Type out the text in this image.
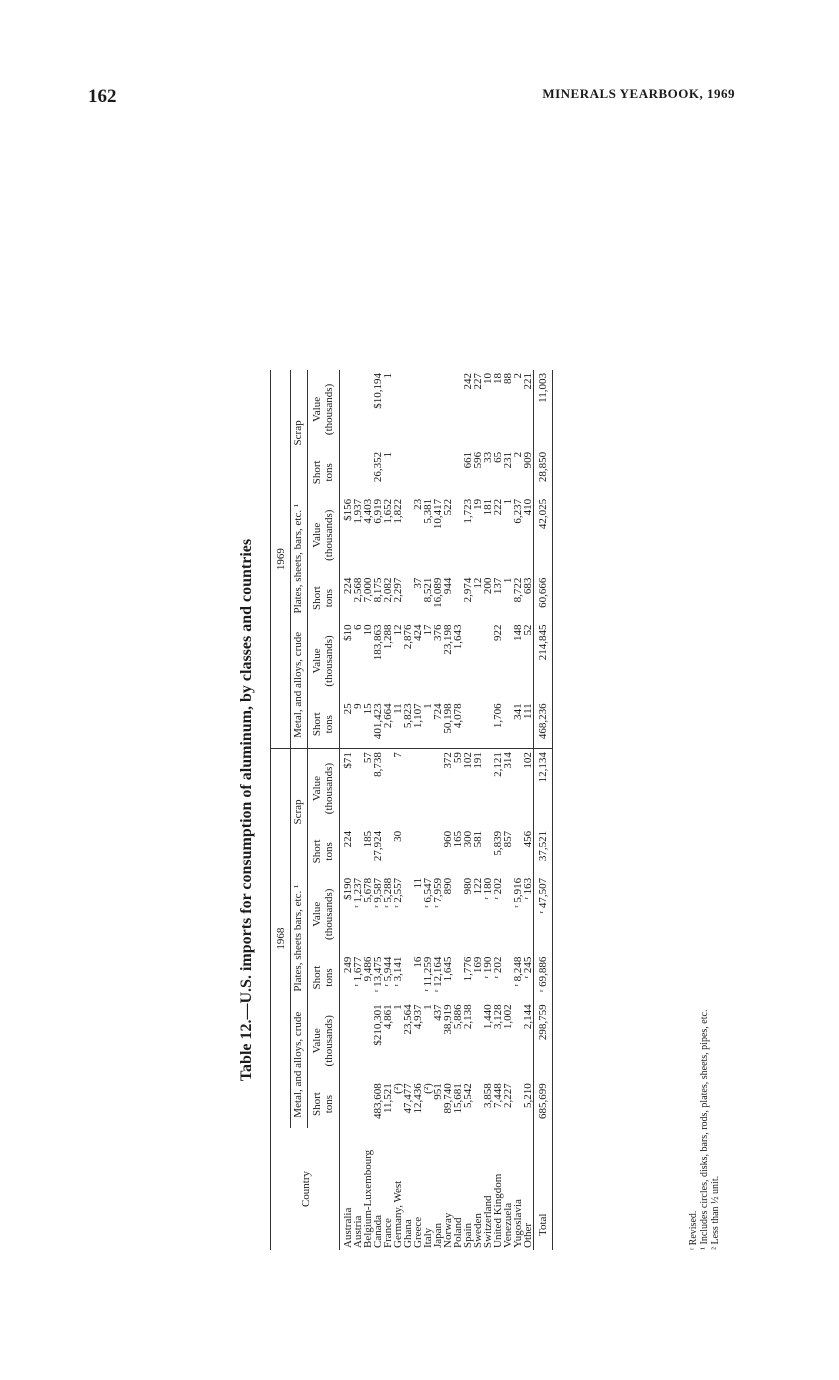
162	MINERALS YEARBOOK, 1969
Table 12.—U.S. imports for consumption of aluminum, by classes and countries
Country	1968						1969					
	Metal, and alloys, crude		Plates, sheets bars, etc. ¹		Scrap		Metal, and alloys, crude		Plates, sheets, bars, etc. ¹		Scrap	
	Short tons	Value (thousands)	Short tons	Value (thousands)	Short tons	Value (thousands)	Short tons	Value (thousands)	Short tons	Value (thousands)	Short tons	Value (thousands)
Australia			249	$190	224	$71	25	$10	224	$156		
Austria			ʳ 1,677	ʳ 1,237			9	6	2,568	1,937		
Belgium-Luxembourg			9,486	5,678	185	57	15	10	7,000	4,403		
Canada	483,608	$210,301	ʳ 13,475	ʳ 9,587	27,924	8,738	401,423	183,863	8,175	6,919	26,352	$10,194
France	11,521	4,861	ʳ 5,944	ʳ 5,288			2,664	1,288	2,082	1,652	1	1
Germany, West	(²)	1	ʳ 3,141	ʳ 2,557	30	7	11	12	2,297	1,822		
Ghana	47,477	23,564					5,823	2,876				
Greece	12,436	4,937	16	11			1,107	424	37	23		
Italy	(²)	1	ʳ 11,259	ʳ 6,547			1	17	8,521	5,381		
Japan	951	437	ʳ 12,164	ʳ 7,959			724	376	16,089	10,417		
Norway	89,740	38,919	1,645	890	960	372	50,198	23,198	944	522		
Poland	15,681	5,886			165	59	4,078	1,643				
Spain	5,542	2,138	1,776	980	300	102			2,974	1,723	661	242
Sweden			169	122	581	191			12	19	596	227
Switzerland	3,858	1,440	ʳ 190	ʳ 180					200	181	33	10
United Kingdom	7,448	3,128	ʳ 202	ʳ 202	5,839	2,121	1,706	922	137	222	65	18
Venezuela	2,227	1,002			857	314			1	1	231	88
Yugoslavia			ʳ 8,248	ʳ 5,916			341	148	8,722	6,237	2	2
Other	5,210	2,144	ʳ 245	ʳ 163	456	102	111	52	683	410	909	221
Total	685,699	298,759	ʳ 69,886	ʳ 47,507	37,521	12,134	468,236	214,845	60,666	42,025	28,850	11,003
ʳ Revised. ¹ Includes circles, disks, bars, rods, plates, sheets, pipes, etc. ² Less than ½ unit.
